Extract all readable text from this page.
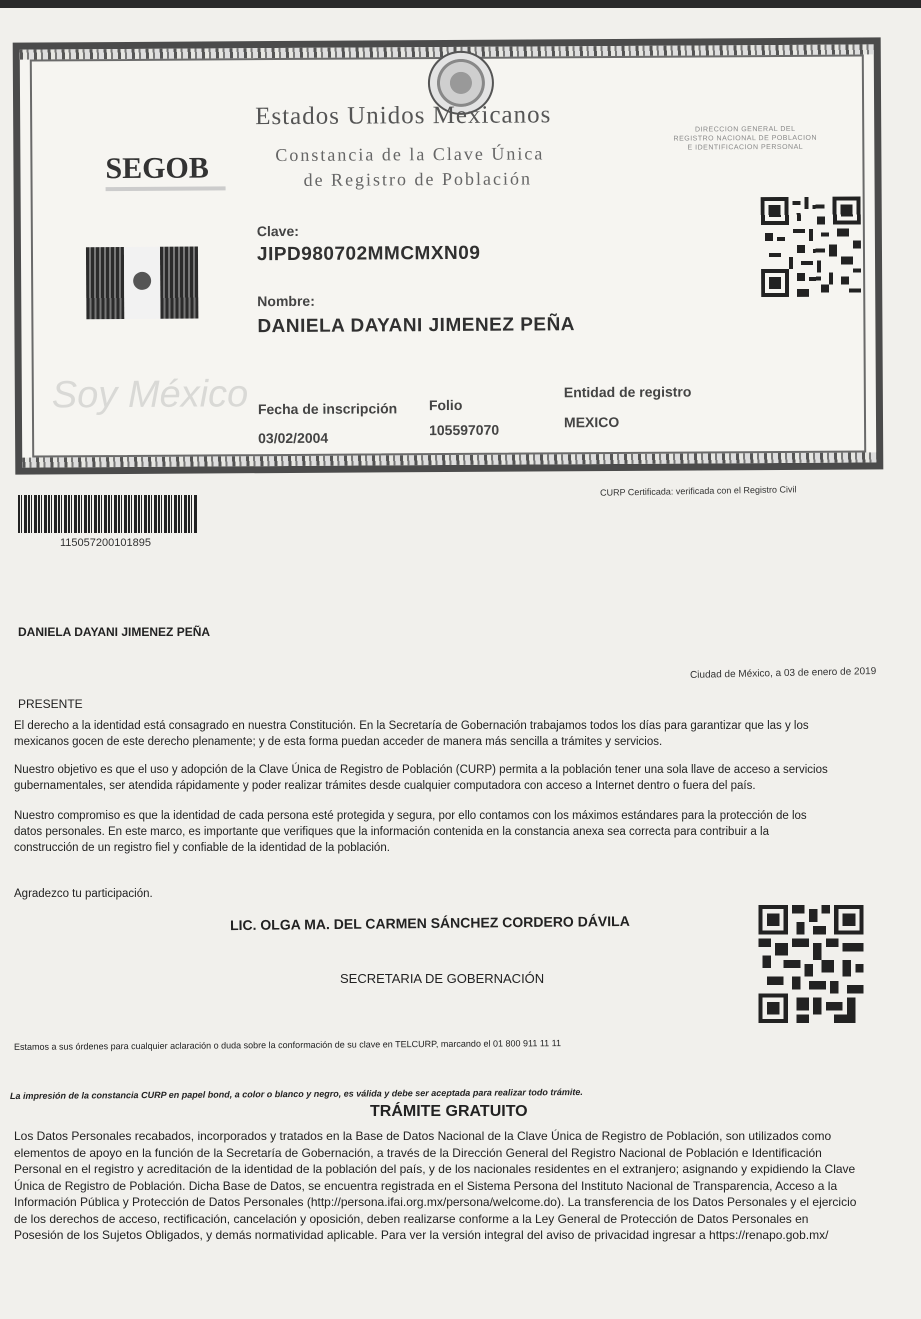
Estados Unidos Mexicanos
Constancia de la Clave Única
de Registro de Población
SEGOB
DIRECCION GENERAL DEL
REGISTRO NACIONAL DE POBLACION
E IDENTIFICACION PERSONAL
Soy México
Clave:
JIPD980702MMCMXN09
Nombre:
DANIELA DAYANI JIMENEZ PEÑA
Fecha de inscripción
03/02/2004
Folio
105597070
Entidad de registro
MEXICO
115057200101895
CURP Certificada: verificada con el Registro Civil
DANIELA DAYANI JIMENEZ PEÑA
Ciudad de México, a 03 de enero de 2019
PRESENTE
El derecho a la identidad está consagrado en nuestra Constitución. En la Secretaría de Gobernación trabajamos todos los días para garantizar que las y los
mexicanos gocen de este derecho plenamente; y de esta forma puedan acceder de manera más sencilla a trámites y servicios.
Nuestro objetivo es que el uso y adopción de la Clave Única de Registro de Población (CURP) permita a la población tener una sola llave de acceso a servicios
gubernamentales, ser atendida rápidamente y poder realizar trámites desde cualquier computadora con acceso a Internet dentro o fuera del país.
Nuestro compromiso es que la identidad de cada persona esté protegida y segura, por ello contamos con los máximos estándares para la protección de los
datos personales. En este marco, es importante que verifiques que la información contenida en la constancia anexa sea correcta para contribuir a la
construcción de un registro fiel y confiable de la identidad de la población.
Agradezco tu participación.
LIC. OLGA MA. DEL CARMEN SÁNCHEZ CORDERO DÁVILA
SECRETARIA DE GOBERNACIÓN
Estamos a sus órdenes para cualquier aclaración o duda sobre la conformación de su clave en TELCURP, marcando el 01 800 911 11 11
La impresión de la constancia CURP en papel bond, a color o blanco y negro, es válida y debe ser aceptada para realizar todo trámite.
TRÁMITE GRATUITO
Los Datos Personales recabados, incorporados y tratados en la Base de Datos Nacional de la Clave Única de Registro de Población, son utilizados como
elementos de apoyo en la función de la Secretaría de Gobernación, a través de la Dirección General del Registro Nacional de Población e Identificación
Personal en el registro y acreditación de la identidad de la población del país, y de los nacionales residentes en el extranjero; asignando y expidiendo la Clave
Única de Registro de Población. Dicha Base de Datos, se encuentra registrada en el Sistema Persona del Instituto Nacional de Transparencia, Acceso a la
Información Pública y Protección de Datos Personales (http://persona.ifai.org.mx/persona/welcome.do). La transferencia de los Datos Personales y el ejercicio
de los derechos de acceso, rectificación, cancelación y oposición, deben realizarse conforme a la Ley General de Protección de Datos Personales en
Posesión de los Sujetos Obligados, y demás normatividad aplicable. Para ver la versión integral del aviso de privacidad ingresar a https://renapo.gob.mx/
